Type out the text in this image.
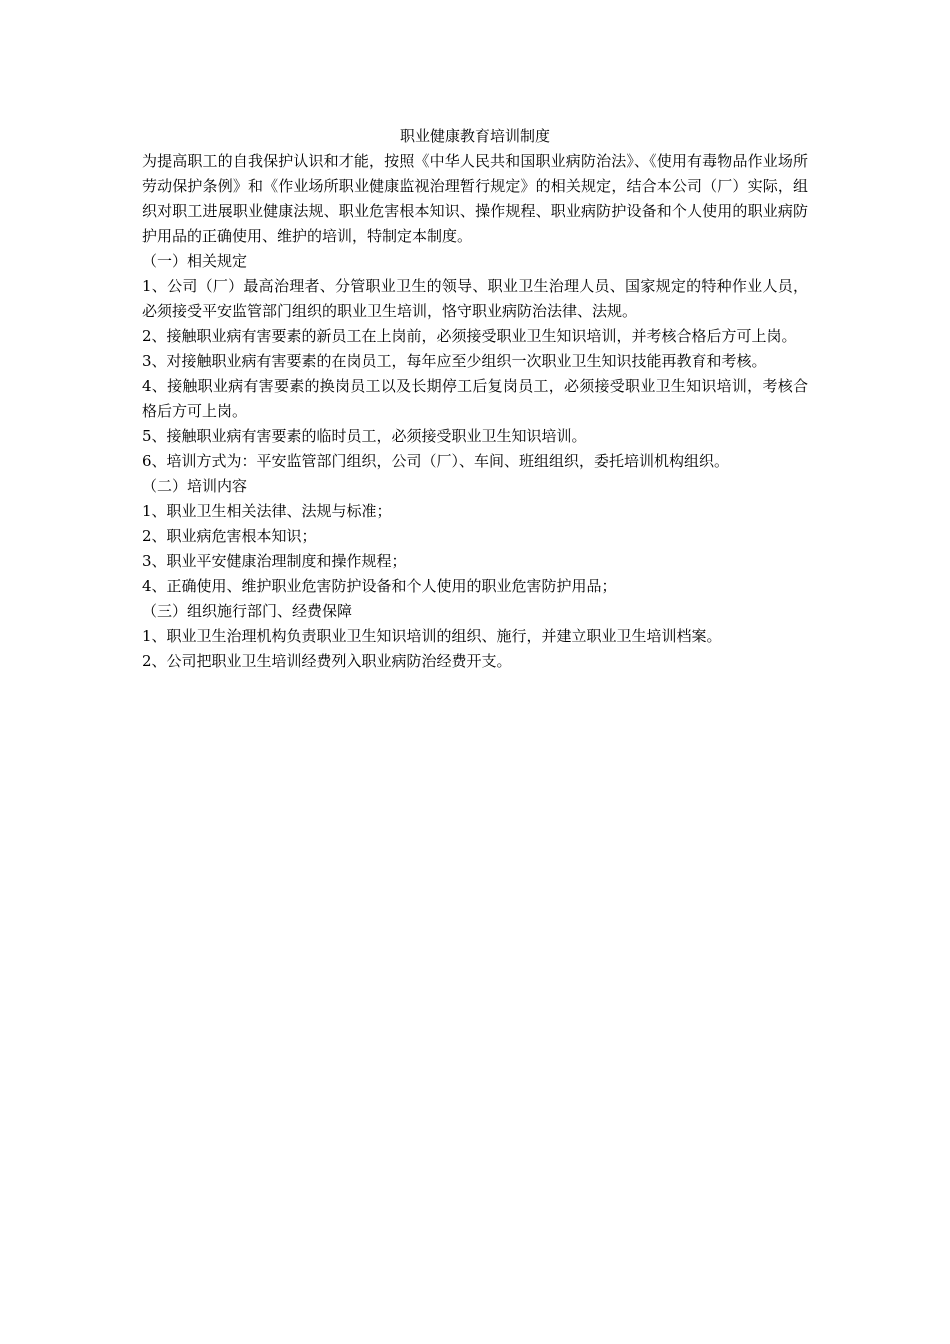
职业健康教育培训制度

为提高职工的自我保护认识和才能，按照《中华人民共和国职业病防治法》、《使用有毒物品作业场所劳动保护条例》和《作业场所职业健康监视治理暂行规定》的相关规定，结合本公司（厂）实际，组织对职工进展职业健康法规、职业危害根本知识、操作规程、职业病防护设备和个人使用的职业病防护用品的正确使用、维护的培训，特制定本制度。

（一）相关规定

1、公司（厂）最高治理者、分管职业卫生的领导、职业卫生治理人员、国家规定的特种作业人员，必须接受平安监管部门组织的职业卫生培训，恪守职业病防治法律、法规。

2、接触职业病有害要素的新员工在上岗前，必须接受职业卫生知识培训，并考核合格后方可上岗。

3、对接触职业病有害要素的在岗员工，每年应至少组织一次职业卫生知识技能再教育和考核。

4、接触职业病有害要素的换岗员工以及长期停工后复岗员工，必须接受职业卫生知识培训，考核合格后方可上岗。

5、接触职业病有害要素的临时员工，必须接受职业卫生知识培训。

6、培训方式为：平安监管部门组织，公司（厂）、车间、班组组织，委托培训机构组织。

（二）培训内容

1、职业卫生相关法律、法规与标准；

2、职业病危害根本知识；

3、职业平安健康治理制度和操作规程；

4、正确使用、维护职业危害防护设备和个人使用的职业危害防护用品；

（三）组织施行部门、经费保障

1、职业卫生治理机构负责职业卫生知识培训的组织、施行，并建立职业卫生培训档案。

2、公司把职业卫生培训经费列入职业病防治经费开支。
